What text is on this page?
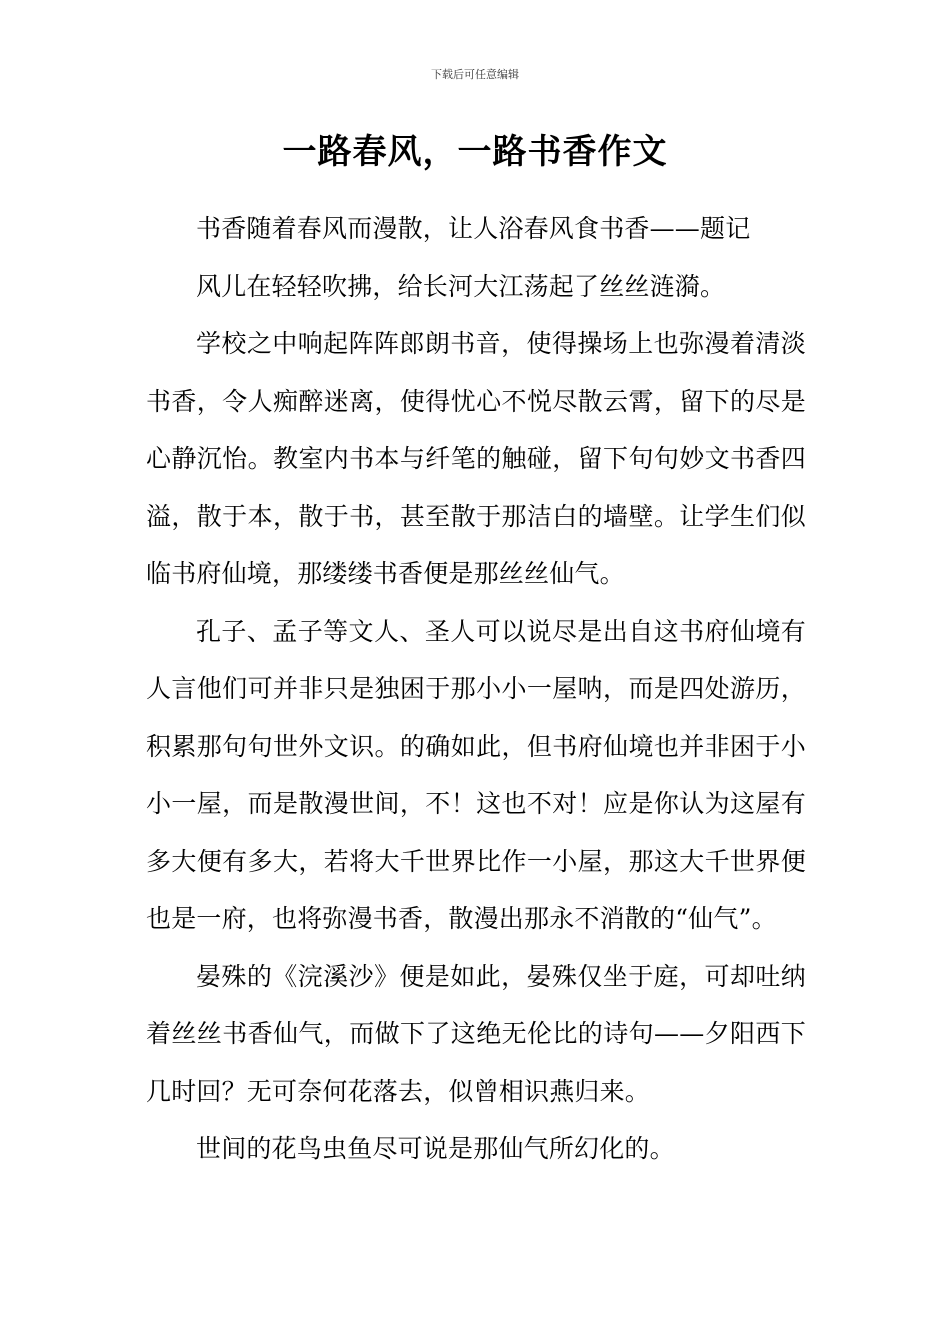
下载后可任意编辑
一路春风，一路书香作文

书香随着春风而漫散，让人浴春风食书香——题记

风儿在轻轻吹拂，给长河大江荡起了丝丝涟漪。

学校之中响起阵阵郎朗书音，使得操场上也弥漫着清淡书香，令人痴醉迷离，使得忧心不悦尽散云霄，留下的尽是心静沉怡。教室内书本与纤笔的触碰，留下句句妙文书香四溢，散于本，散于书，甚至散于那洁白的墙壁。让学生们似临书府仙境，那缕缕书香便是那丝丝仙气。

孔子、孟子等文人、圣人可以说尽是出自这书府仙境有人言他们可并非只是独困于那小小一屋呐，而是四处游历，积累那句句世外文识。的确如此，但书府仙境也并非困于小小一屋，而是散漫世间，不！这也不对！应是你认为这屋有多大便有多大，若将大千世界比作一小屋，那这大千世界便也是一府，也将弥漫书香，散漫出那永不消散的“仙气”。

晏殊的《浣溪沙》便是如此，晏殊仅坐于庭，可却吐纳着丝丝书香仙气，而做下了这绝无伦比的诗句——夕阳西下几时回？无可奈何花落去，似曾相识燕归来。

世间的花鸟虫鱼尽可说是那仙气所幻化的。
